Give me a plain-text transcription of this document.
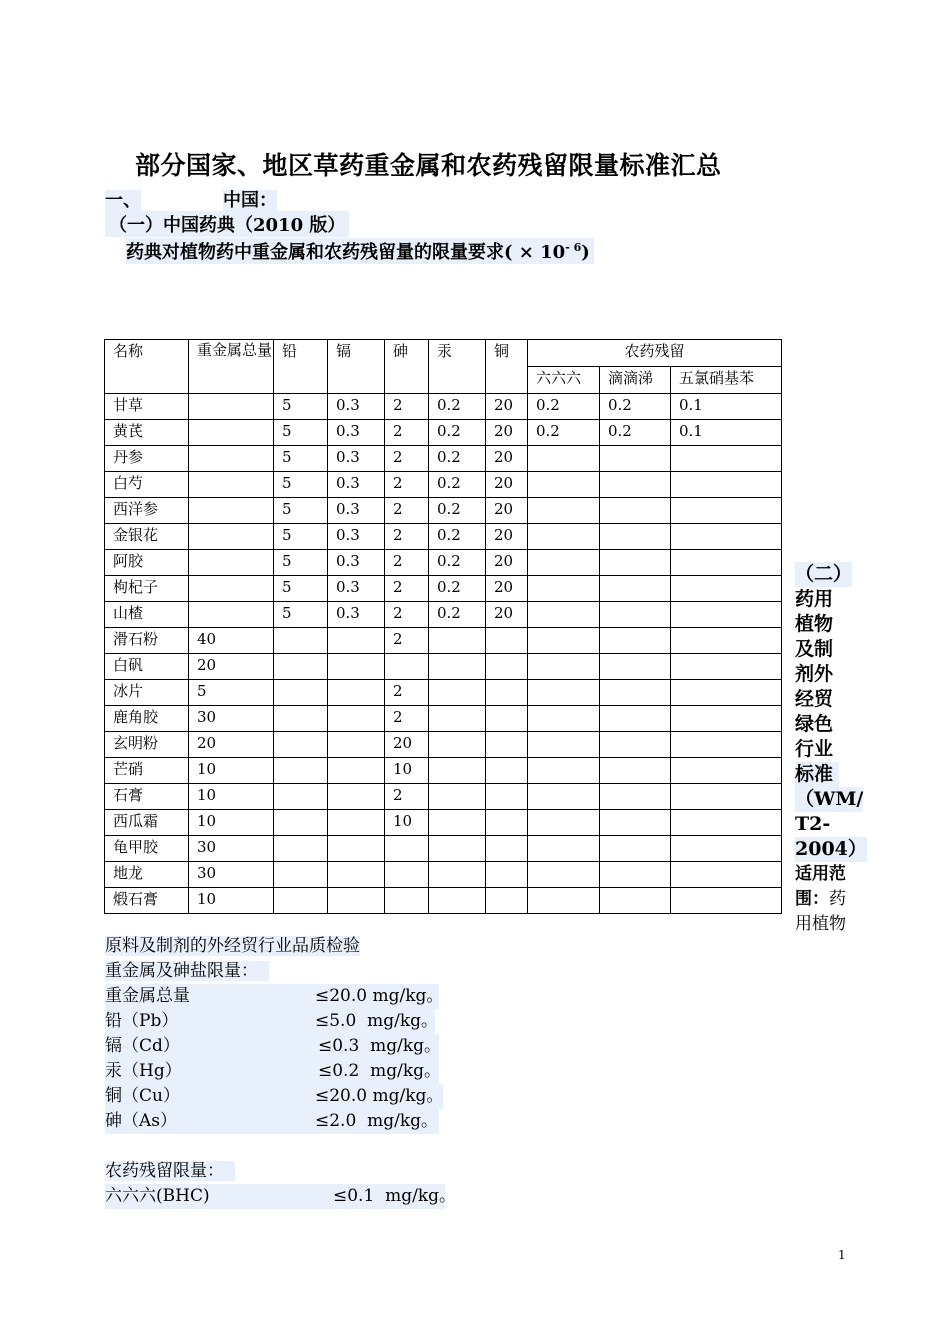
部分国家、地区草药重金属和农药残留限量标准汇总
一、	中国：
（一）中国药典（2010 版）
药典对植物药中重金属和农药残留量的限量要求( × $10^{- 6}$)
名称	重金属总量	铅	镉	砷	汞	铜	农药残留		
							六六六	滴滴涕	五氯硝基苯
甘草		5	0.3	2	0.2	20	0.2	0.2	0.1
黄芪		5	0.3	2	0.2	20	0.2	0.2	0.1
丹参		5	0.3	2	0.2	20			
白芍		5	0.3	2	0.2	20			
西洋参		5	0.3	2	0.2	20			
金银花		5	0.3	2	0.2	20			
阿胶		5	0.3	2	0.2	20			
枸杞子		5	0.3	2	0.2	20			
山楂		5	0.3	2	0.2	20			
滑石粉	40			2					
白矾	20								
冰片	5			2					
鹿角胶	30			2					
玄明粉	20			20					
芒硝	10			10					
石膏	10			2					
西瓜霜	10			10					
龟甲胶	30								
地龙	30								
煅石膏	10								
（二）
药用
植物
及制
剂外
经贸
绿色
行业
标准 （WM/
T2-
2004）
适用范
围：药
用植物
原料及制剂的外经贸行业品质检验
重金属及砷盐限量：
重金属总量	≤20.0 mg/kg。
铅（Pb）	≤5.0  mg/kg。
镉（Cd）	≤0.3  mg/kg。
汞（Hg）	≤0.2  mg/kg。
铜（Cu）	≤20.0 mg/kg。
砷（As）	≤2.0  mg/kg。
农药残留限量：
六六六(BHC)	≤0.1  mg/kg。
1
